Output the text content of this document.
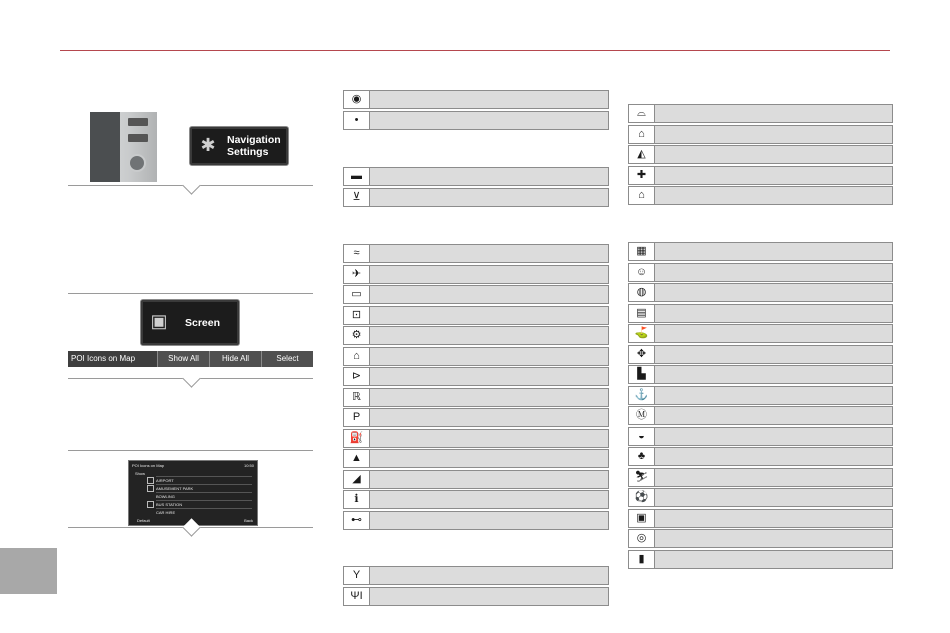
✱ Navigation
Settings
▣ Screen
POI Icons on Map	Show All	Hide All	Select
POI Icons on Map	10:50
Show
AIRPORT
AMUSEMENT PARK
BOWLING
BUS STATION
CAR HIRE
Default	Back
◉
•
▬
⊻
≈
✈
▭
⊡
⚙
⌂
⊳
ℝ
P
⛽
▲
◢
ℹ
⊷
Y
ΨΙ
⌓
⌂
◭
✚
⌂
▦
☺
◍
▤
⛳
✥
▙
⚓
Ⓜ
◒
♣
⛷
⚽
▣
◎
▮
